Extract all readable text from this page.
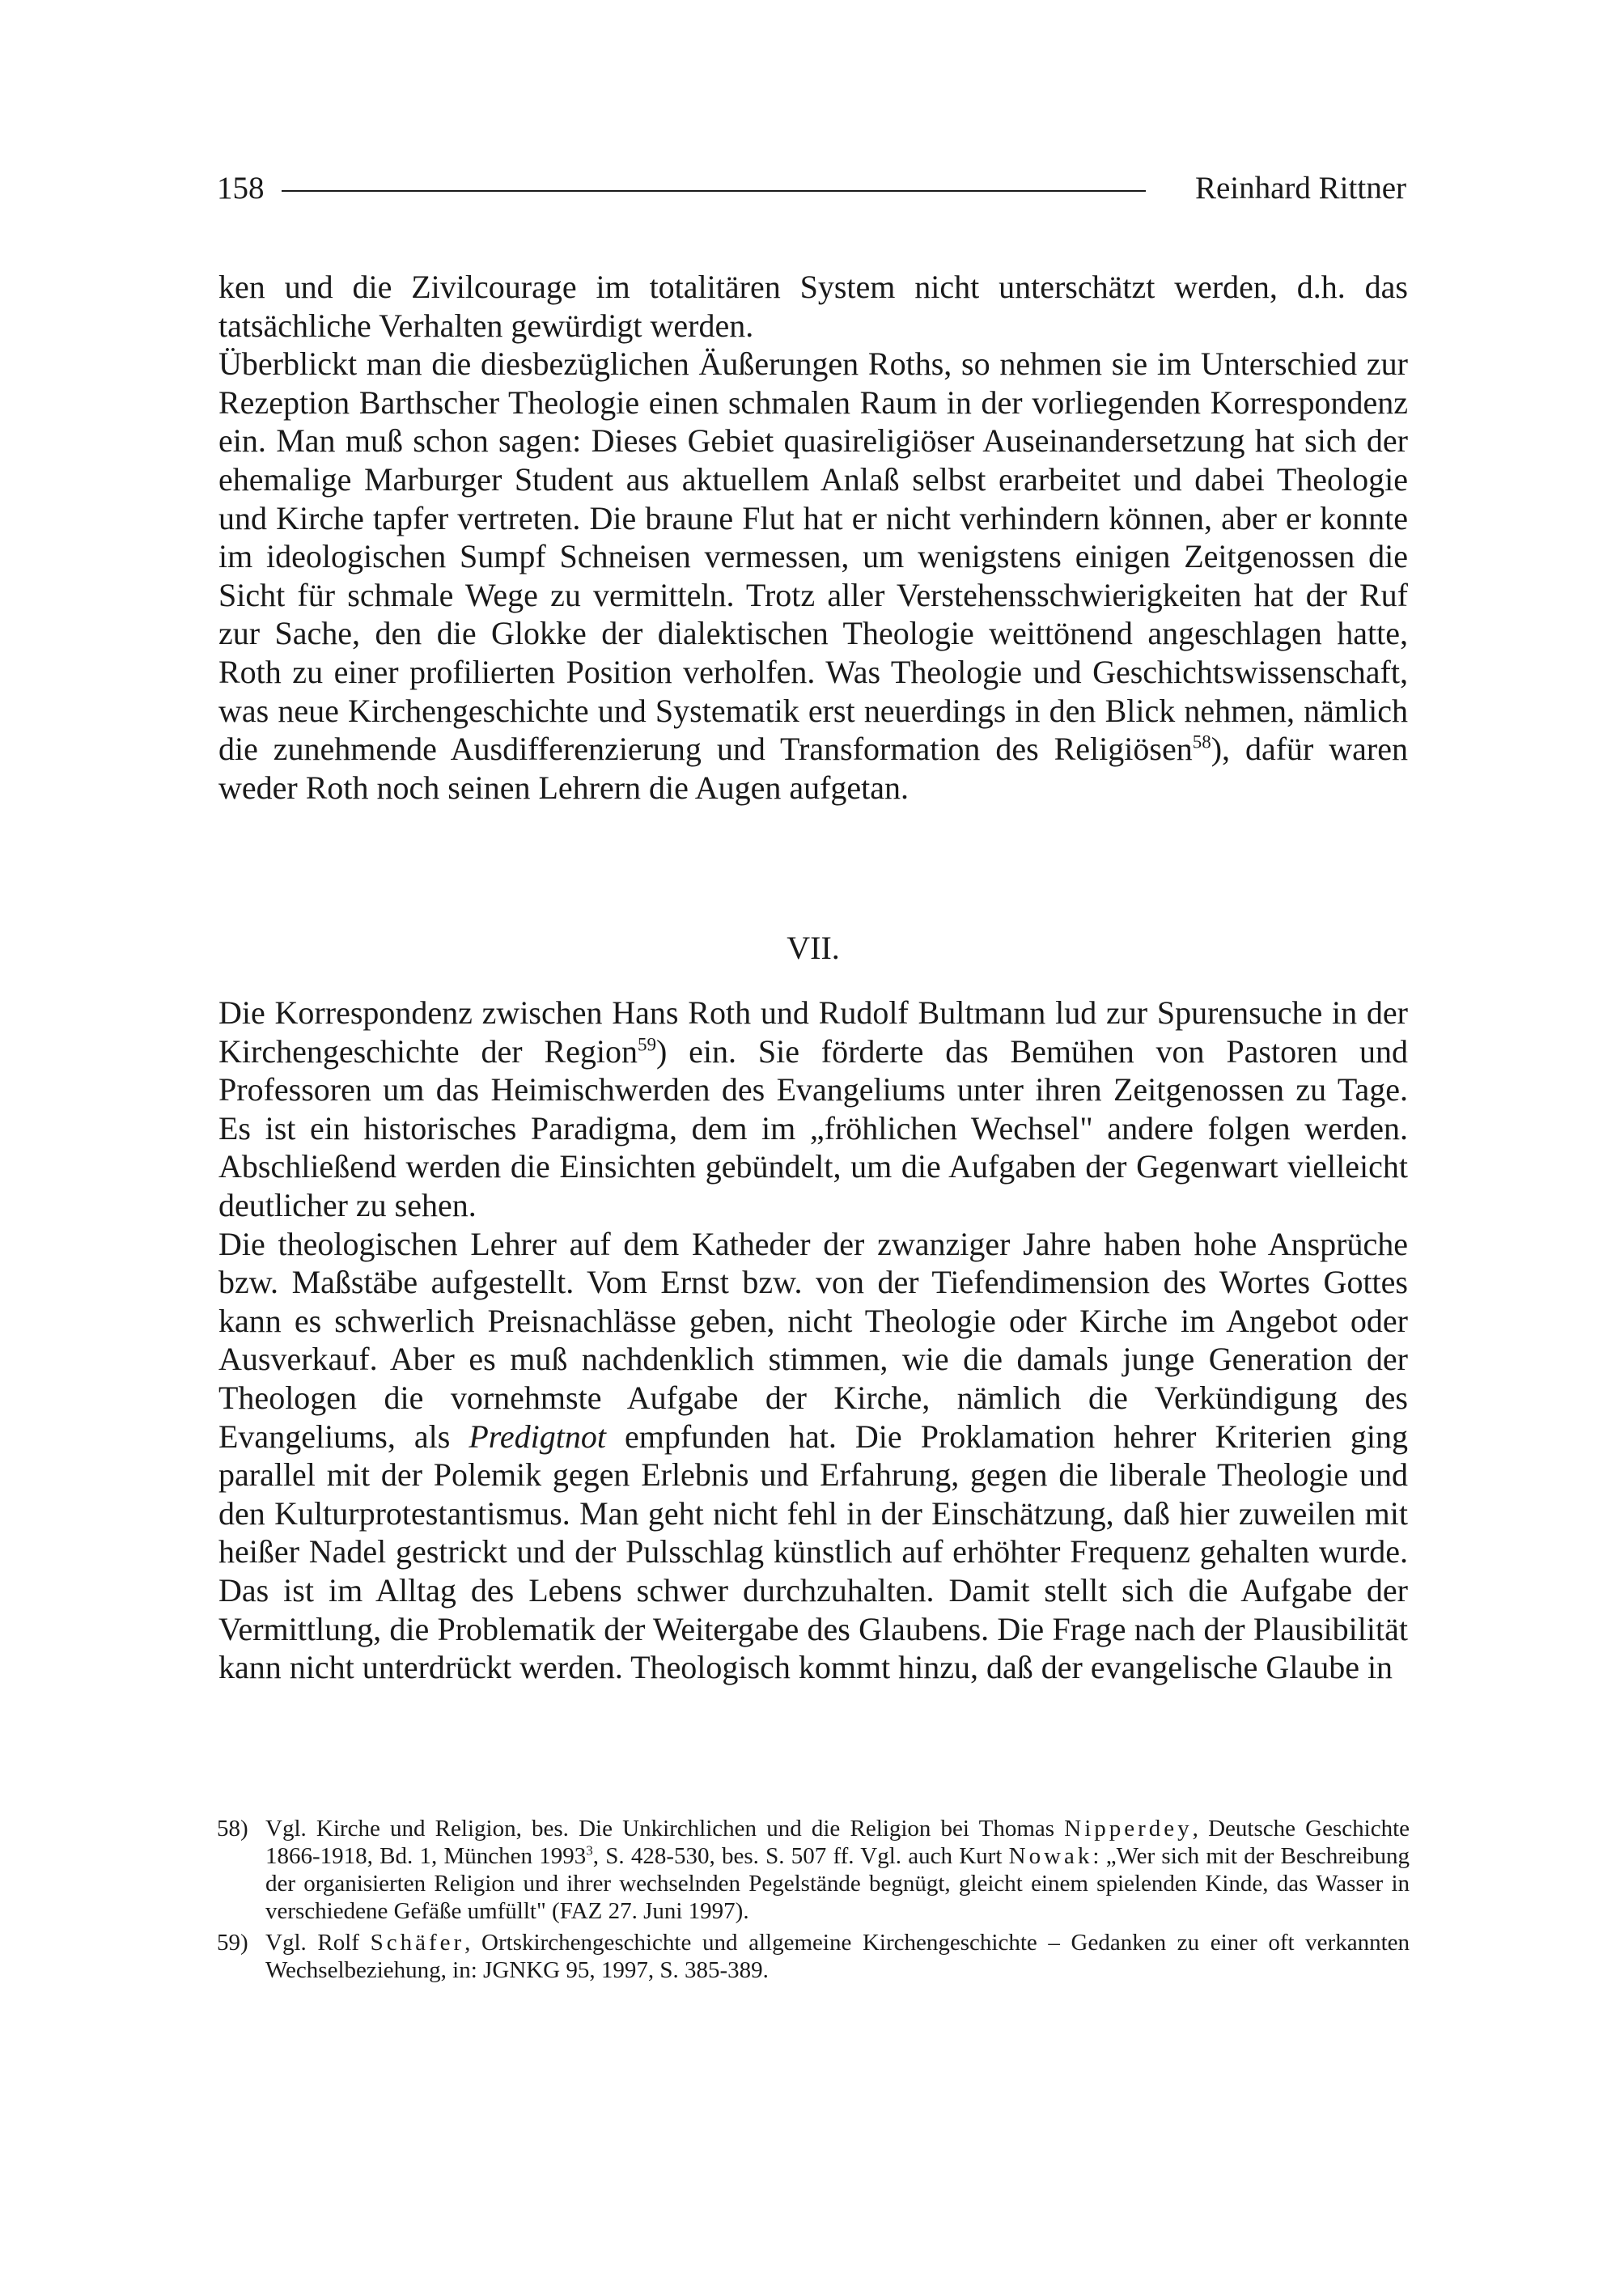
158	Reinhard Rittner

ken und die Zivilcourage im totalitären System nicht unterschätzt werden, d.h. das tatsächliche Verhalten gewürdigt werden.

Überblickt man die diesbezüglichen Äußerungen Roths, so nehmen sie im Unterschied zur Rezeption Barthscher Theologie einen schmalen Raum in der vorliegenden Korrespondenz ein. Man muß schon sagen: Dieses Gebiet quasireligiöser Auseinandersetzung hat sich der ehemalige Marburger Student aus aktuellem Anlaß selbst erarbeitet und dabei Theologie und Kirche tapfer vertreten. Die braune Flut hat er nicht verhindern können, aber er konnte im ideologischen Sumpf Schneisen vermessen, um wenigstens einigen Zeitgenossen die Sicht für schmale Wege zu vermitteln. Trotz aller Verstehensschwierigkeiten hat der Ruf zur Sache, den die Glokke der dialektischen Theologie weittönend angeschlagen hatte, Roth zu einer profilierten Position verholfen. Was Theologie und Geschichtswissenschaft, was neue Kirchengeschichte und Systematik erst neuerdings in den Blick nehmen, nämlich die zunehmende Ausdifferenzierung und Transformation des Religiösen$^{58}$), dafür waren weder Roth noch seinen Lehrern die Augen aufgetan.

VII.

Die Korrespondenz zwischen Hans Roth und Rudolf Bultmann lud zur Spurensuche in der Kirchengeschichte der Region$^{59}$) ein. Sie förderte das Bemühen von Pastoren und Professoren um das Heimischwerden des Evangeliums unter ihren Zeitgenossen zu Tage. Es ist ein historisches Paradigma, dem im „fröhlichen Wechsel" andere folgen werden. Abschließend werden die Einsichten gebündelt, um die Aufgaben der Gegenwart vielleicht deutlicher zu sehen.

Die theologischen Lehrer auf dem Katheder der zwanziger Jahre haben hohe Ansprüche bzw. Maßstäbe aufgestellt. Vom Ernst bzw. von der Tiefendimension des Wortes Gottes kann es schwerlich Preisnachlässe geben, nicht Theologie oder Kirche im Angebot oder Ausverkauf. Aber es muß nachdenklich stimmen, wie die damals junge Generation der Theologen die vornehmste Aufgabe der Kirche, nämlich die Verkündigung des Evangeliums, als Predigtnot empfunden hat. Die Proklamation hehrer Kriterien ging parallel mit der Polemik gegen Erlebnis und Erfahrung, gegen die liberale Theologie und den Kulturprotestantismus. Man geht nicht fehl in der Einschätzung, daß hier zuweilen mit heißer Nadel gestrickt und der Pulsschlag künstlich auf erhöhter Frequenz gehalten wurde. Das ist im Alltag des Lebens schwer durchzuhalten. Damit stellt sich die Aufgabe der Vermittlung, die Problematik der Weitergabe des Glaubens. Die Frage nach der Plausibilität kann nicht unterdrückt werden. Theologisch kommt hinzu, daß der evangelische Glaube in

58) Vgl. Kirche und Religion, bes. Die Unkirchlichen und die Religion bei Thomas Nipperdey, Deutsche Geschichte 1866-1918, Bd. 1, München 1993$^3$, S. 428-530, bes. S. 507 ff. Vgl. auch Kurt Nowak: „Wer sich mit der Beschreibung der organisierten Religion und ihrer wechselnden Pegelstände begnügt, gleicht einem spielenden Kinde, das Wasser in verschiedene Gefäße umfüllt" (FAZ 27. Juni 1997).
59) Vgl. Rolf Schäfer, Ortskirchengeschichte und allgemeine Kirchengeschichte – Gedanken zu einer oft verkannten Wechselbeziehung, in: JGNKG 95, 1997, S. 385-389.
